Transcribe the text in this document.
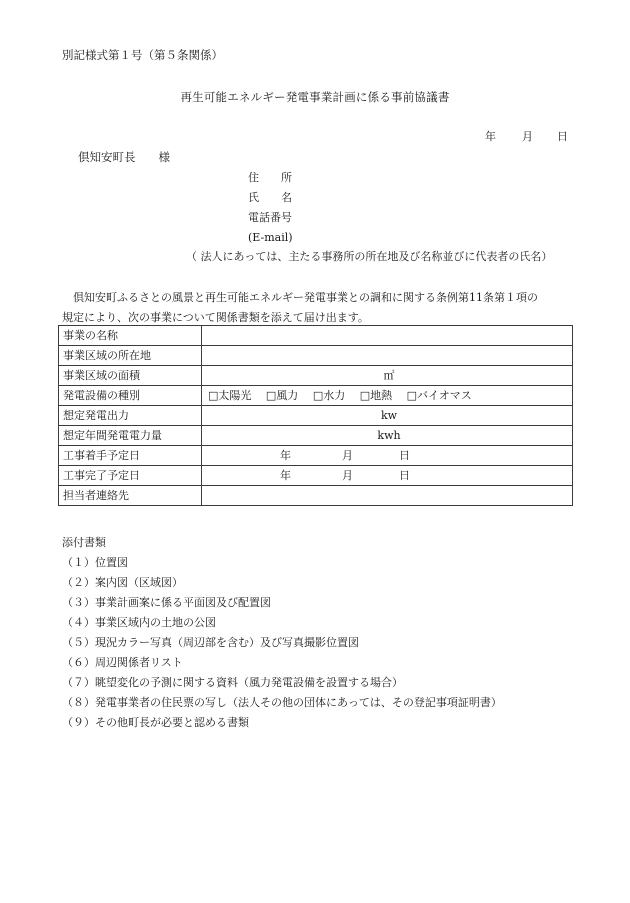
別記様式第１号（第５条関係）
再生可能エネルギー発電事業計画に係る事前協議書
年 月 日
倶知安町長　　様
住　　所
氏　　名
電話番号
(E-mail)
（ 法人にあっては、主たる事務所の所在地及び名称並びに代表者の氏名）
倶知安町ふるさとの風景と再生可能エネルギー発電事業との調和に関する条例第11条第１項の
規定により、次の事業について関係書類を添えて届け出ます。
事業の名称	
事業区域の所在地	
事業区域の面積	㎡
発電設備の種別	□太陽光 □風力 □水力 □地熱 □バイオマス
想定発電出力	kw
想定年間発電電力量	kwh
工事着手予定日	年 月 日

工事完了予定日	年 月 日

担当者連絡先	
添付書類
（１）位置図
（２）案内図（区域図）
（３）事業計画案に係る平面図及び配置図
（４）事業区域内の土地の公図
（５）現況カラー写真（周辺部を含む）及び写真撮影位置図
（６）周辺関係者リスト
（７）眺望変化の予測に関する資料（風力発電設備を設置する場合）
（８）発電事業者の住民票の写し（法人その他の団体にあっては、その登記事項証明書）
（９）その他町長が必要と認める書類
